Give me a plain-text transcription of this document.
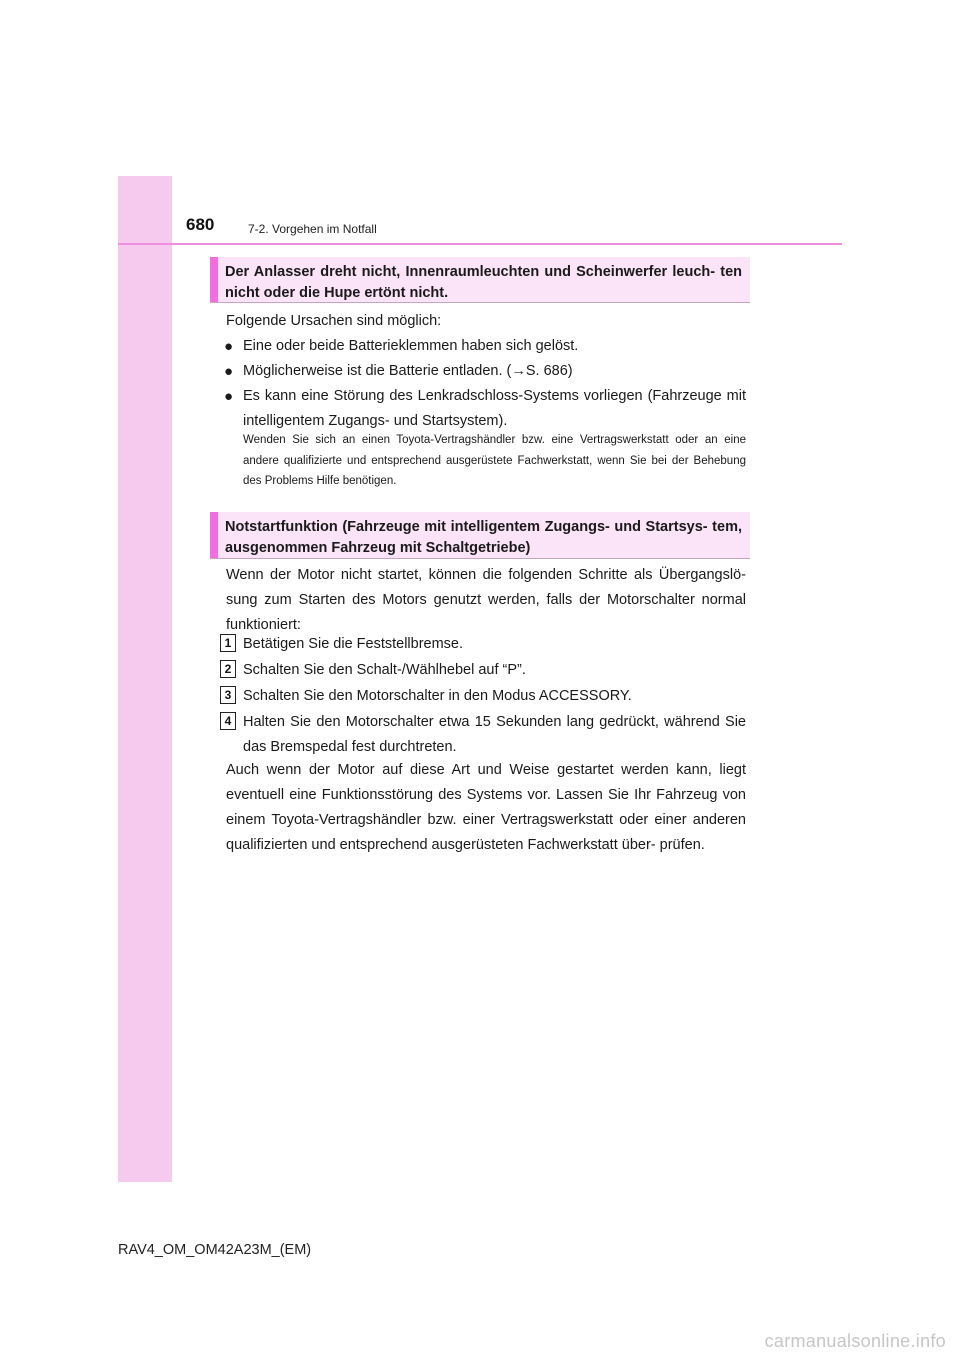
680	7-2. Vorgehen im Notfall
Der Anlasser dreht nicht, Innenraumleuchten und Scheinwerfer leuch- ten nicht oder die Hupe ertönt nicht.
Folgende Ursachen sind möglich:
● Eine oder beide Batterieklemmen haben sich gelöst.
● Möglicherweise ist die Batterie entladen. (→S. 686)
● Es kann eine Störung des Lenkradschloss-Systems vorliegen (Fahrzeuge mit intelligentem Zugangs- und Startsystem).
Wenden Sie sich an einen Toyota-Vertragshändler bzw. eine Vertragswerkstatt oder an eine andere qualifizierte und entsprechend ausgerüstete Fachwerkstatt, wenn Sie bei der Behebung des Problems Hilfe benötigen.
Notstartfunktion (Fahrzeuge mit intelligentem Zugangs- und Startsys- tem, ausgenommen Fahrzeug mit Schaltgetriebe)
Wenn der Motor nicht startet, können die folgenden Schritte als Übergangslö- sung zum Starten des Motors genutzt werden, falls der Motorschalter normal funktioniert:
1 Betätigen Sie die Feststellbremse.
2 Schalten Sie den Schalt-/Wählhebel auf “P”.
3 Schalten Sie den Motorschalter in den Modus ACCESSORY.
4 Halten Sie den Motorschalter etwa 15 Sekunden lang gedrückt, während Sie das Bremspedal fest durchtreten.
Auch wenn der Motor auf diese Art und Weise gestartet werden kann, liegt eventuell eine Funktionsstörung des Systems vor. Lassen Sie Ihr Fahrzeug von einem Toyota-Vertragshändler bzw. einer Vertragswerkstatt oder einer anderen qualifizierten und entsprechend ausgerüsteten Fachwerkstatt über- prüfen.
RAV4_OM_OM42A23M_(EM)
carmanualsonline.info
